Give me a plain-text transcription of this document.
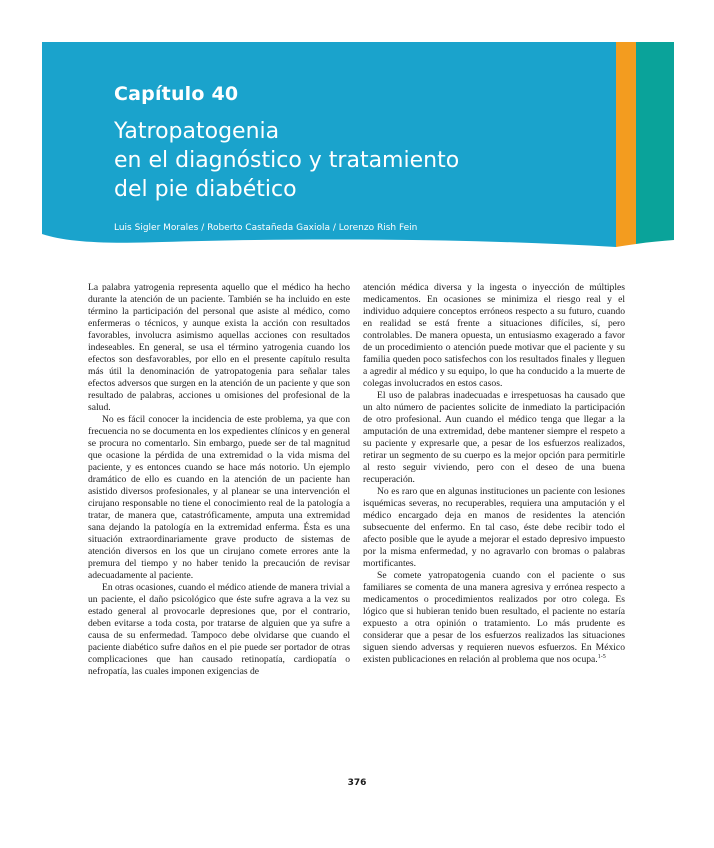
Capítulo 40
Yatropatogenia
en el diagnóstico y tratamiento
del pie diabético
Luis Sigler Morales / Roberto Castañeda Gaxiola / Lorenzo Rish Fein

La palabra yatrogenia representa aquello que el médico ha hecho durante la atención de un paciente. También se ha incluido en este término la participación del personal que asiste al médico, como enfermeras o técnicos, y aunque exista la acción con resultados favorables, involucra asimismo aquellas acciones con resultados indeseables. En general, se usa el término yatrogenia cuando los efectos son desfavorables, por ello en el presente capítulo resulta más útil la denominación de yatropatogenia para señalar tales efectos adversos que surgen en la atención de un paciente y que son resultado de palabras, acciones u omisiones del profesional de la salud.

No es fácil conocer la incidencia de este problema, ya que con frecuencia no se documenta en los expedientes clínicos y en general se procura no comentarlo. Sin embargo, puede ser de tal magnitud que ocasione la pérdida de una extremidad o la vida misma del paciente, y es entonces cuando se hace más notorio. Un ejemplo dramático de ello es cuando en la atención de un paciente han asistido diversos profesionales, y al planear se una intervención el cirujano responsable no tiene el conocimiento real de la patología a tratar, de manera que, catastróficamente, amputa una extremidad sana dejando la patología en la extremidad enferma. Ésta es una situación extraordinariamente grave producto de sistemas de atención diversos en los que un cirujano comete errores ante la premura del tiempo y no haber tenido la precaución de revisar adecuadamente al paciente.

En otras ocasiones, cuando el médico atiende de manera trivial a un paciente, el daño psicológico que éste sufre agrava a la vez su estado general al provocarle depresiones que, por el contrario, deben evitarse a toda costa, por tratarse de alguien que ya sufre a causa de su enfermedad. Tampoco debe olvidarse que cuando el paciente diabético sufre daños en el pie puede ser portador de otras complicaciones que han causado retinopatía, cardiopatía o nefropatía, las cuales imponen exigencias de

atención médica diversa y la ingesta o inyección de múltiples medicamentos. En ocasiones se minimiza el riesgo real y el individuo adquiere conceptos erróneos respecto a su futuro, cuando en realidad se está frente a situaciones difíciles, sí, pero controlables. De manera opuesta, un entusiasmo exagerado a favor de un procedimiento o atención puede motivar que el paciente y su familia queden poco satisfechos con los resultados finales y lleguen a agredir al médico y su equipo, lo que ha conducido a la muerte de colegas involucrados en estos casos.

El uso de palabras inadecuadas e irrespetuosas ha causado que un alto número de pacientes solicite de inmediato la participación de otro profesional. Aun cuando el médico tenga que llegar a la amputación de una extremidad, debe mantener siempre el respeto a su paciente y expresarle que, a pesar de los esfuerzos realizados, retirar un segmento de su cuerpo es la mejor opción para permitirle al resto seguir viviendo, pero con el deseo de una buena recuperación.

No es raro que en algunas instituciones un paciente con lesiones isquémicas severas, no recuperables, requiera una amputación y el médico encargado deja en manos de residentes la atención subsecuente del enfermo. En tal caso, éste debe recibir todo el afecto posible que le ayude a mejorar el estado depresivo impuesto por la misma enfermedad, y no agravarlo con bromas o palabras mortificantes.

Se comete yatropatogenia cuando con el paciente o sus familiares se comenta de una manera agresiva y errónea respecto a medicamentos o procedimientos realizados por otro colega. Es lógico que si hubieran tenido buen resultado, el paciente no estaría expuesto a otra opinión o tratamiento. Lo más prudente es considerar que a pesar de los esfuerzos realizados las situaciones siguen siendo adversas y requieren nuevos esfuerzos. En México existen publicaciones en relación al problema que nos ocupa.$^{1-5}$

376
